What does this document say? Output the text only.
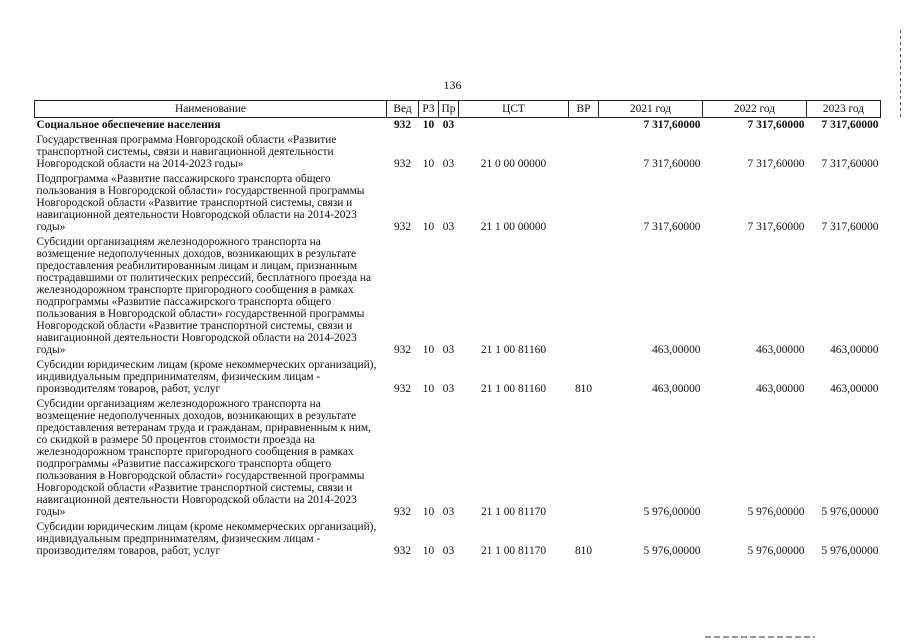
136
Наименование	Вед	РЗ	Пр	ЦСТ	ВР	2021 год	2022 год	2023 год
Социальное обеспечение населения	932	10	03			7 317,60000	7 317,60000	7 317,60000
Государственная программа Новгородской области «Развитие транспортной системы, связи и навигационной деятельности Новгородской области на 2014-2023 годы»	932	10	03	21 0 00 00000		7 317,60000	7 317,60000	7 317,60000
Подпрограмма «Развитие пассажирского транспорта общего пользования в Новгородской области» государственной программы Новгородской области «Развитие транспортной системы, связи и навигационной деятельности Новгородской области на 2014-2023 годы»	932	10	03	21 1 00 00000		7 317,60000	7 317,60000	7 317,60000
Субсидии организациям железнодорожного транспорта на возмещение недополученных доходов, возникающих в результате предоставления реабилитированным лицам и лицам, признанным пострадавшими от политических репрессий, бесплатного проезда на железнодорожном транспорте пригородного сообщения в рамках подпрограммы «Развитие пассажирского транспорта общего пользования в Новгородской области» государственной программы Новгородской области «Развитие транспортной системы, связи и навигационной деятельности Новгородской области на 2014-2023 годы»	932	10	03	21 1 00 81160		463,00000	463,00000	463,00000
Субсидии юридическим лицам (кроме некоммерческих организаций), индивидуальным предпринимателям, физическим лицам - производителям товаров, работ, услуг	932	10	03	21 1 00 81160	810	463,00000	463,00000	463,00000
Субсидии организациям железнодорожного транспорта на возмещение недополученных доходов, возникающих в результате предоставления ветеранам труда и гражданам, приравненным к ним, со скидкой в размере 50 процентов стоимости проезда на железнодорожном транспорте пригородного сообщения в рамках подпрограммы «Развитие пассажирского транспорта общего пользования в Новгородской области» государственной программы Новгородской области «Развитие транспортной системы, связи и навигационной деятельности Новгородской области на 2014-2023 годы»	932	10	03	21 1 00 81170		5 976,00000	5 976,00000	5 976,00000
Субсидии юридическим лицам (кроме некоммерческих организаций), индивидуальным предпринимателям, физическим лицам - производителям товаров, работ, услуг	932	10	03	21 1 00 81170	810	5 976,00000	5 976,00000	5 976,00000
